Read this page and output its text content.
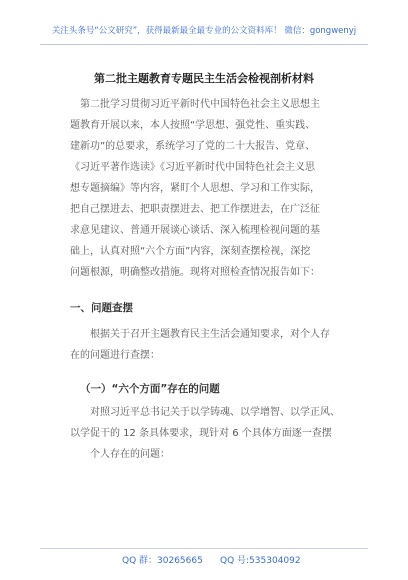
关注头条号“公文研究”，获得最新最全最专业的公文资料库！ 微信：gongwenyj
第二批主题教育专题民主生活会检视剖析材料
第二批学习贯彻习近平新时代中国特色社会主义思想主
题教育开展以来，本人按照“学思想、强党性、重实践、
建新功”的总要求，系统学习了党的二十大报告、党章、
《习近平著作选读》《习近平新时代中国特色社会主义思
想专题摘编》等内容，紧盯个人思想、学习和工作实际，
把自己摆进去、把职责摆进去、把工作摆进去，在广泛征
求意见建议、普通开展谈心谈话、深入梳理检视问题的基
础上，认真对照“六个方面”内容，深刻查摆检视，深挖
问题根源，明确整改措施。现将对照检查情况报告如下：
一、问题查摆
根据关于召开主题教育民主生活会通知要求，对个人存
在的问题进行查摆：
（一）“六个方面”存在的问题
对照习近平总书记关于以学铸魂、以学增智、以学正风、
以学促干的 12 条具体要求，现针对 6 个具体方面逐一查摆
个人存在的问题：
QQ 群：30265665 QQ 号:535304092
